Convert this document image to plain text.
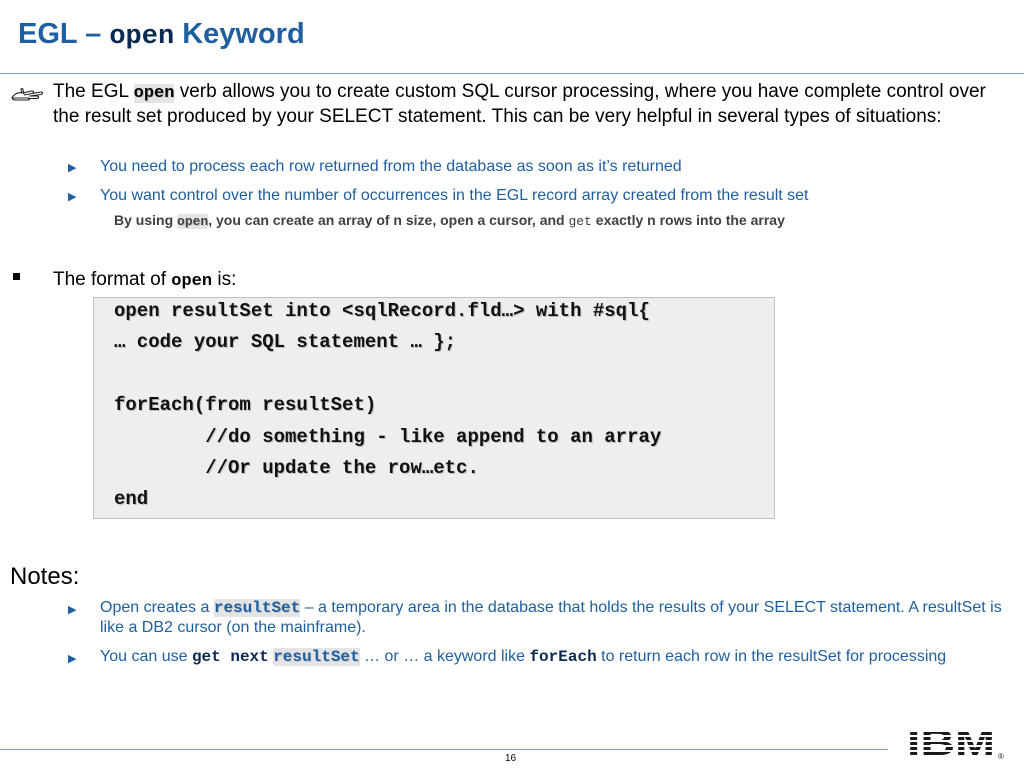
EGL – open Keyword
The EGL open verb allows you to create custom SQL cursor processing, where you have complete control over the result set produced by your SELECT statement. This can be very helpful in several types of situations:
▶ You need to process each row returned from the database as soon as it’s returned
▶ You want control over the number of occurrences in the EGL record array created from the result set
By using open, you can create an array of n size, open a cursor, and get exactly n rows into the array
The format of open is:
open resultSet into <sqlRecord.fld…> with #sql{
… code your SQL statement … };
forEach(from resultSet)
//do something - like append to an array
//Or update the row…etc.
end
Notes:
▶ Open creates a resultSet – a temporary area in the database that holds the results of your SELECT statement. A resultSet is like a DB2 cursor (on the mainframe).
▶ You can use get next resultSet … or … a keyword like forEach to return each row in the resultSet for processing
16	®
